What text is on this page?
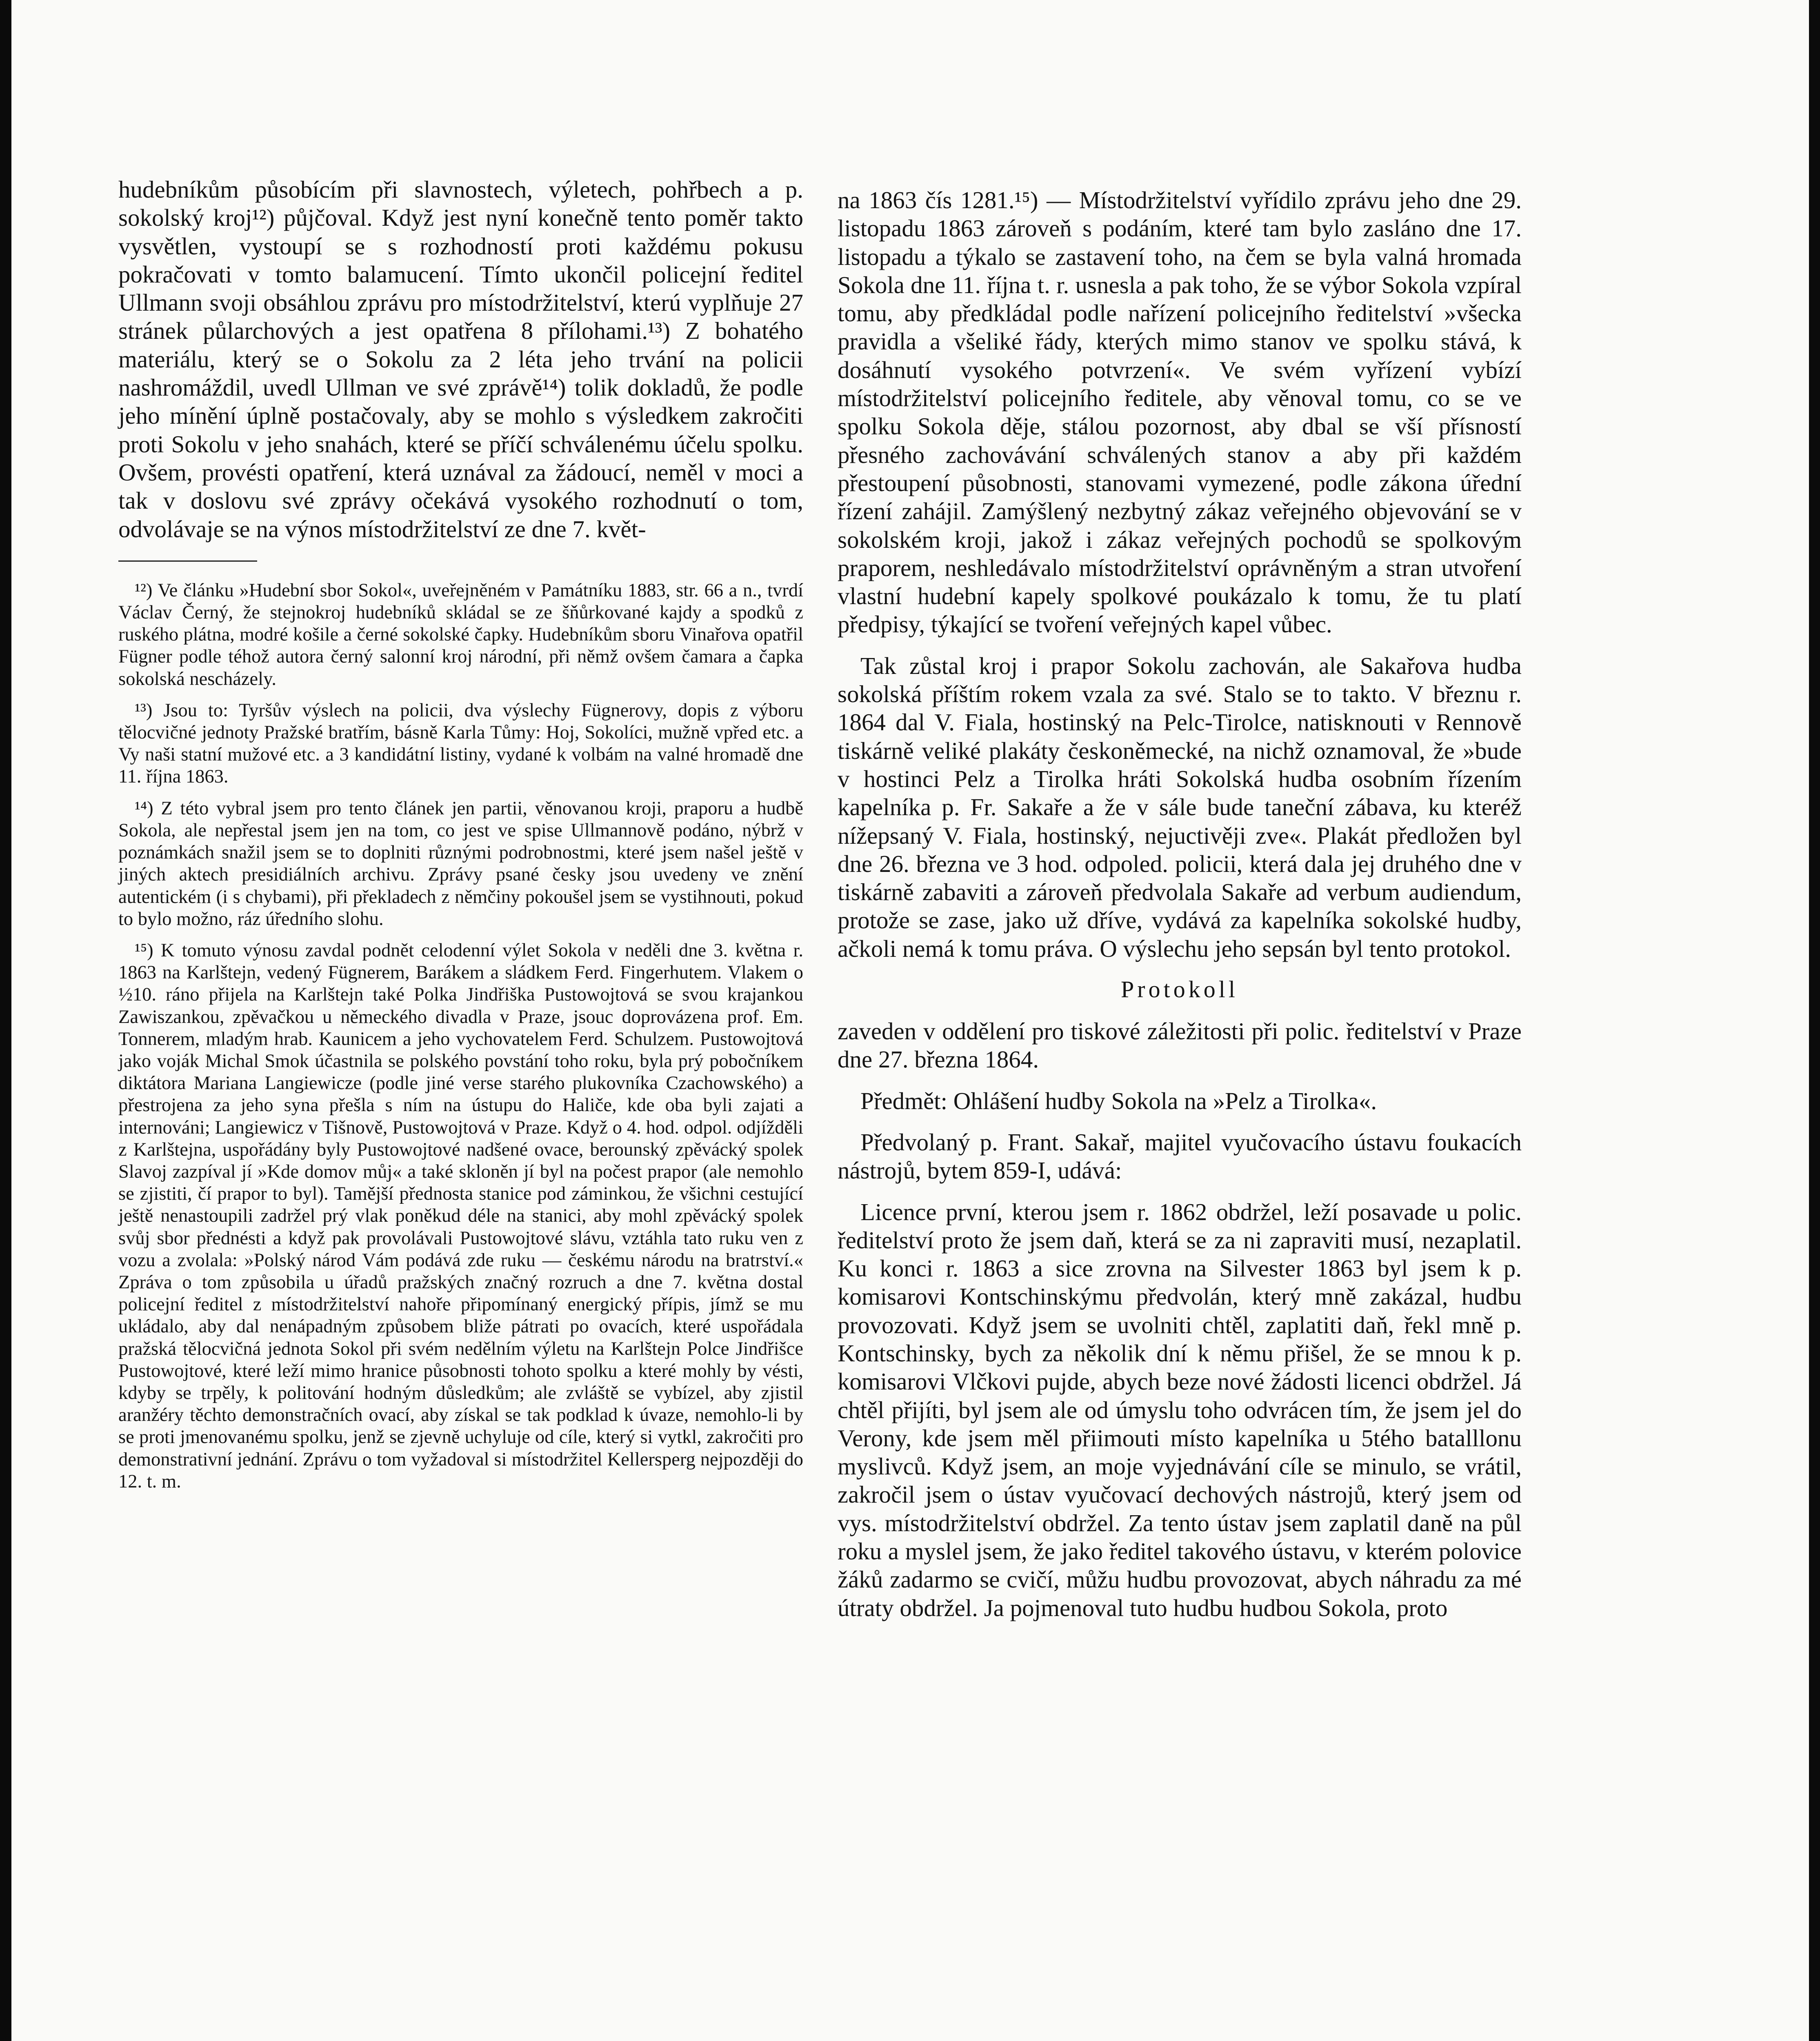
hudebníkům působícím při slavnostech, výletech, pohřbech a p. sokolský kroj¹²) půjčoval. Když jest nyní konečně tento poměr takto vysvětlen, vystoupí se s rozhodností proti každému pokusu pokračovati v tomto balamucení. Tímto ukončil policejní ředitel Ullmann svoji obsáhlou zprávu pro místodržitelství, kterú vyplňuje 27 stránek půlarchových a jest opatřena 8 přílohami.¹³) Z bohatého materiálu, který se o Sokolu za 2 léta jeho trvání na policii nashromáždil, uvedl Ullman ve své zprávě¹⁴) tolik dokladů, že podle jeho mínění úplně postačovaly, aby se mohlo s výsledkem zakročiti proti Sokolu v jeho snahách, které se příčí schválenému účelu spolku. Ovšem, provésti opatření, která uznával za žádoucí, neměl v moci a tak v doslovu své zprávy očekává vysokého rozhodnutí o tom, odvolávaje se na výnos místodržitelství ze dne 7. květ-

¹²) Ve článku »Hudební sbor Sokol«, uveřejněném v Památníku 1883, str. 66 a n., tvrdí Václav Černý, že stejnokroj hudebníků skládal se ze šňůrkované kajdy a spodků z ruského plátna, modré košile a černé sokolské čapky. Hudebníkům sboru Vinařova opatřil Fügner podle téhož autora černý salonní kroj národní, při němž ovšem čamara a čapka sokolská nescházely.

¹³) Jsou to: Tyršův výslech na policii, dva výslechy Fügnerovy, dopis z výboru tělocvičné jednoty Pražské bratřím, básně Karla Tůmy: Hoj, Sokolíci, mužně vpřed etc. a Vy naši statní mužové etc. a 3 kandidátní listiny, vydané k volbám na valné hromadě dne 11. října 1863.

¹⁴) Z této vybral jsem pro tento článek jen partii, věnovanou kroji, praporu a hudbě Sokola, ale nepřestal jsem jen na tom, co jest ve spise Ullmannově podáno, nýbrž v poznámkách snažil jsem se to doplniti různými podrobnostmi, které jsem našel ještě v jiných aktech presidiálních archivu. Zprávy psané česky jsou uvedeny ve znění autentickém (i s chybami), při překladech z němčiny pokoušel jsem se vystihnouti, pokud to bylo možno, ráz úředního slohu.

¹⁵) K tomuto výnosu zavdal podnět celodenní výlet Sokola v neděli dne 3. května r. 1863 na Karlštejn, vedený Fügnerem, Barákem a sládkem Ferd. Fingerhutem. Vlakem o ½10. ráno přijela na Karlštejn také Polka Jindřiška Pustowojtová se svou krajankou Zawiszankou, zpěvačkou u německého divadla v Praze, jsouc doprovázena prof. Em. Tonnerem, mladým hrab. Kaunicem a jeho vychovatelem Ferd. Schulzem. Pustowojtová jako voják Michal Smok účastnila se polského povstání toho roku, byla prý pobočníkem diktátora Mariana Langiewicze (podle jiné verse starého plukovníka Czachowského) a přestrojena za jeho syna přešla s ním na ústupu do Haliče, kde oba byli zajati a internováni; Langiewicz v Tišnově, Pustowojtová v Praze. Když o 4. hod. odpol. odjížděli z Karlštejna, uspořádány byly Pustowojtové nadšené ovace, berounský zpěvácký spolek Slavoj zazpíval jí »Kde domov můj« a také skloněn jí byl na počest prapor (ale nemohlo se zjistiti, čí prapor to byl). Tamější přednosta stanice pod záminkou, že všichni cestující ještě nenastoupili zadržel prý vlak poněkud déle na stanici, aby mohl zpěvácký spolek svůj sbor přednésti a když pak provolávali Pustowojtové slávu, vztáhla tato ruku ven z vozu a zvolala: »Polský národ Vám podává zde ruku — českému národu na bratrství.« Zpráva o tom způsobila u úřadů pražských značný rozruch a dne 7. května dostal policejní ředitel z místodržitelství nahoře připomínaný energický přípis, jímž se mu ukládalo, aby dal nenápadným způsobem bliže pátrati po ovacích, které uspořádala pražská tělocvičná jednota Sokol při svém nedělním výletu na Karlštejn Polce Jindřišce Pustowojtové, které leží mimo hranice působnosti tohoto spolku a které mohly by vésti, kdyby se trpěly, k politování hodným důsledkům; ale zvláště se vybízel, aby zjistil aranžéry těchto demonstračních ovací, aby získal se tak podklad k úvaze, nemohlo-li by se proti jmenovanému spolku, jenž se zjevně uchyluje od cíle, který si vytkl, zakročiti pro demonstrativní jednání. Zprávu o tom vyžadoval si místodržitel Kellersperg nejpozději do 12. t. m.

na 1863 čís 1281.¹⁵) — Místodržitelství vyřídilo zprávu jeho dne 29. listopadu 1863 zároveň s podáním, které tam bylo zasláno dne 17. listopadu a týkalo se zastavení toho, na čem se byla valná hromada Sokola dne 11. října t. r. usnesla a pak toho, že se výbor Sokola vzpíral tomu, aby předkládal podle nařízení policejního ředitelství »všecka pravidla a všeliké řády, kterých mimo stanov ve spolku stává, k dosáhnutí vysokého potvrzení«. Ve svém vyřízení vybízí místodržitelství policejního ředitele, aby věnoval tomu, co se ve spolku Sokola děje, stálou pozornost, aby dbal se vší přísností přesného zachovávání schválených stanov a aby při každém přestoupení působnosti, stanovami vymezené, podle zákona úřední řízení zahájil. Zamýšlený nezbytný zákaz veřejného objevování se v sokolském kroji, jakož i zákaz veřejných pochodů se spolkovým praporem, neshledávalo místodržitelství oprávněným a stran utvoření vlastní hudební kapely spolkové poukázalo k tomu, že tu platí předpisy, týkající se tvoření veřejných kapel vůbec.

Tak zůstal kroj i prapor Sokolu zachován, ale Sakařova hudba sokolská příštím rokem vzala za své. Stalo se to takto. V březnu r. 1864 dal V. Fiala, hostinský na Pelc-Tirolce, natisknouti v Rennově tiskárně veliké plakáty českoněmecké, na nichž oznamoval, že »bude v hostinci Pelz a Tirolka hráti Sokolská hudba osobním řízením kapelníka p. Fr. Sakaře a že v sále bude taneční zábava, ku kteréž nížepsaný V. Fiala, hostinský, nejuctivěji zve«. Plakát předložen byl dne 26. března ve 3 hod. odpoled. policii, která dala jej druhého dne v tiskárně zabaviti a zároveň předvolala Sakaře ad verbum audiendum, protože se zase, jako už dříve, vydává za kapelníka sokolské hudby, ačkoli nemá k tomu práva. O výslechu jeho sepsán byl tento protokol.

Protokoll

zaveden v oddělení pro tiskové záležitosti při polic. ředitelství v Praze dne 27. března 1864.

Předmět: Ohlášení hudby Sokola na »Pelz a Tirolka«.

Předvolaný p. Frant. Sakař, majitel vyučovacího ústavu foukacích nástrojů, bytem 859-I, udává:

Licence první, kterou jsem r. 1862 obdržel, leží posavade u polic. ředitelství proto že jsem daň, která se za ni zapraviti musí, nezaplatil. Ku konci r. 1863 a sice zrovna na Silvester 1863 byl jsem k p. komisarovi Kontschinskýmu předvolán, který mně zakázal, hudbu provozovati. Když jsem se uvolniti chtěl, zaplatiti daň, řekl mně p. Kontschinsky, bych za několik dní k němu přišel, že se mnou k p. komisarovi Vlčkovi pujde, abych beze nové žádosti licenci obdržel. Já chtěl přijíti, byl jsem ale od úmyslu toho odvrácen tím, že jsem jel do Verony, kde jsem měl přiimouti místo kapelníka u 5tého batalllonu myslivců. Když jsem, an moje vyjednávání cíle se minulo, se vrátil, zakročil jsem o ústav vyučovací dechových nástrojů, který jsem od vys. místodržitelství obdržel. Za tento ústav jsem zaplatil daně na půl roku a myslel jsem, že jako ředitel takového ústavu, v kterém polovice žáků zadarmo se cvičí, můžu hudbu provozovat, abych náhradu za mé útraty obdržel. Ja pojmenoval tuto hudbu hudbou Sokola, proto
